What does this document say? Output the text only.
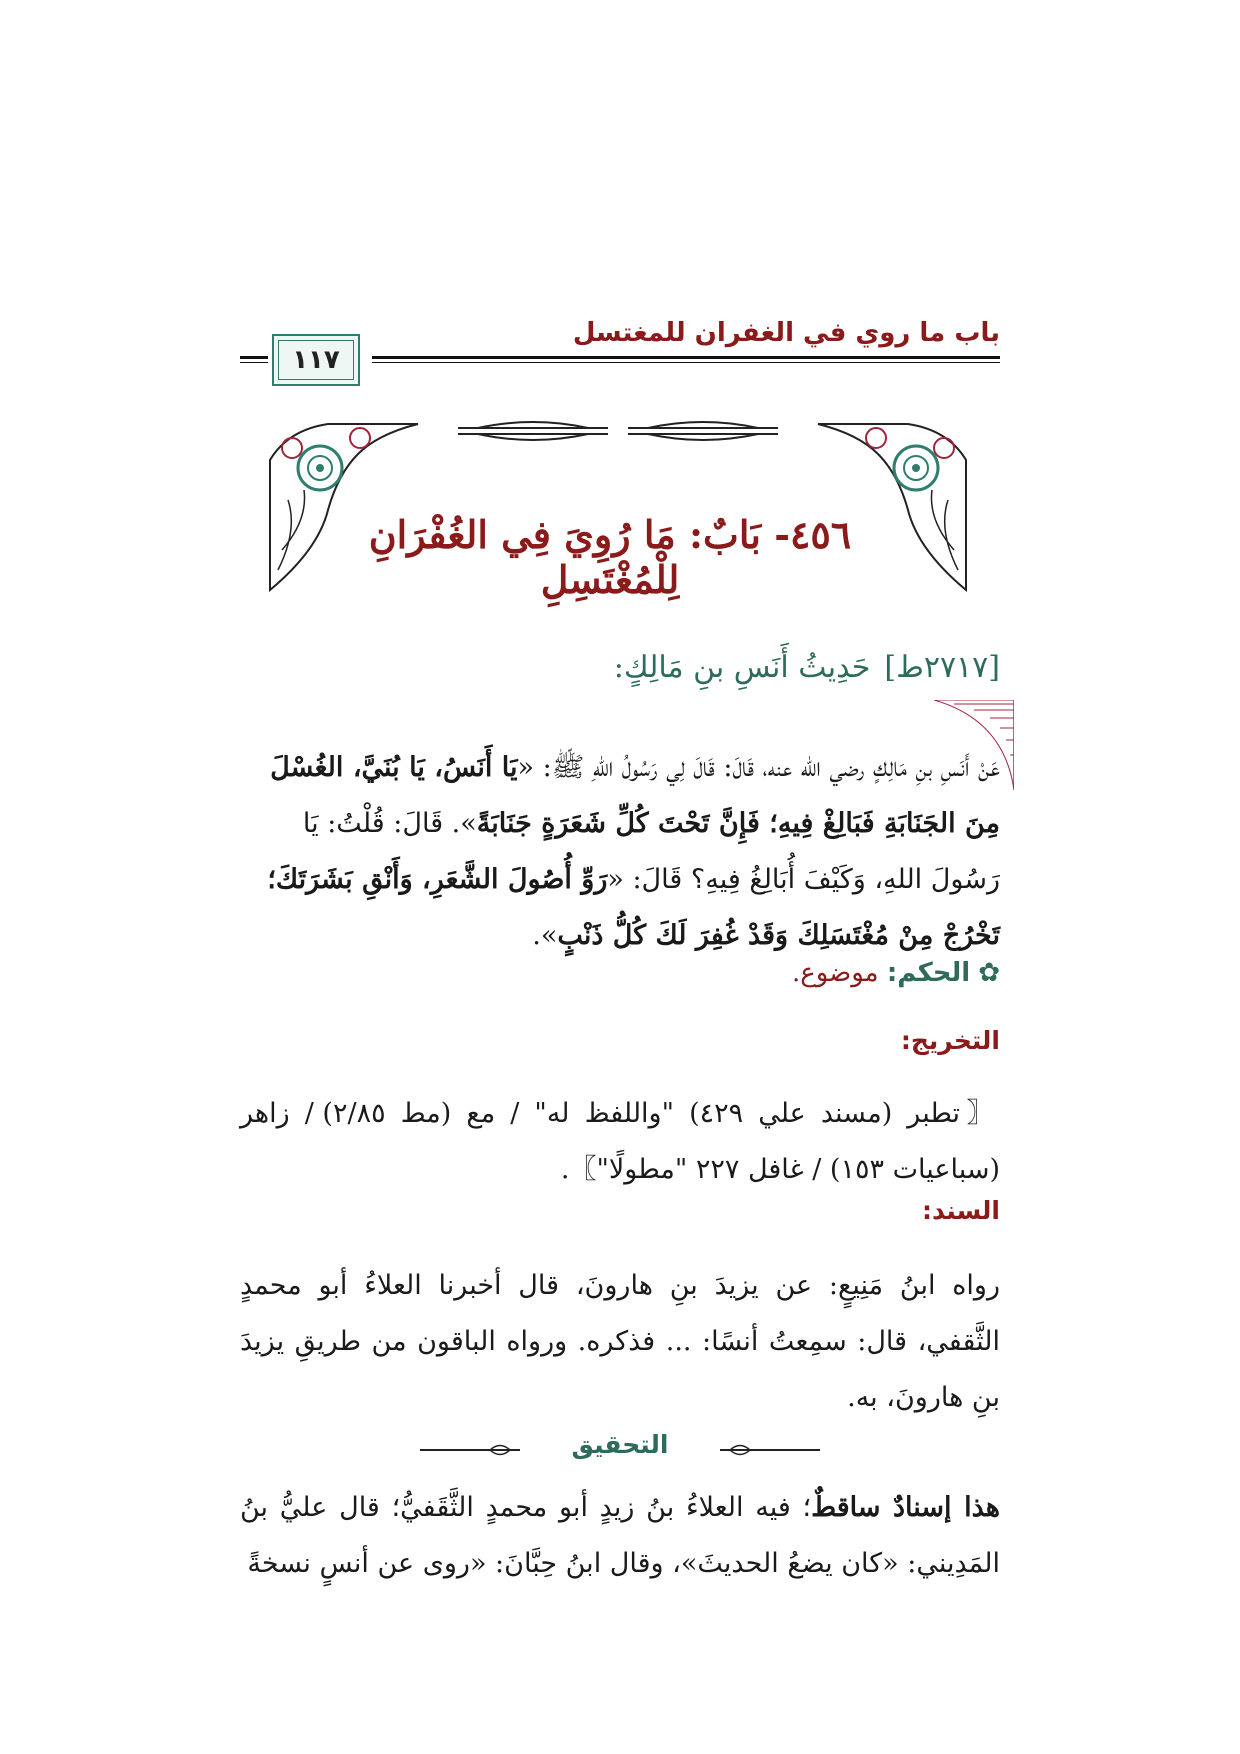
باب ما روي في الغفران للمغتسل
١١٧
٤٥٦- بَابٌ: مَا رُوِيَ فِي الغُفْرَانِ لِلْمُغْتَسِلِ
[٢٧١٧ط]حَدِيثُ أَنَسِ بنِ مَالِكٍ:
عَنْ أَنَسِ بنِ مَالِكٍ رضي الله عنه، قَالَ: قَالَ لِي رَسُولُ اللهِ ﷺ: «يَا أَنَسُ، يَا بُنَيَّ، الغُسْلَ مِنَ الجَنَابَةِ فَبَالِغْ فِيهِ؛ فَإِنَّ تَحْتَ كُلِّ شَعَرَةٍ جَنَابَةً». قَالَ: قُلْتُ: يَا رَسُولَ اللهِ، وَكَيْفَ أُبَالِغُ فِيهِ؟ قَالَ: «رَوِّ أُصُولَ الشَّعَرِ، وَأَنْقِ بَشَرَتَكَ؛ تَخْرُجْ مِنْ مُغْتَسَلِكَ وَقَدْ غُفِرَ لَكَ كُلُّ ذَنْبٍ».
✿الحكم: موضوع.
التخريج:
〖تطبر (مسند علي ٤٢٩) "واللفظ له" / مع (مط ٢/٨٥) / زاهر (سباعيات ١٥٣) / غافل ٢٢٧ "مطولًا"〗.
السند:
رواه ابنُ مَنِيعٍ: عن يزيدَ بنِ هارونَ، قال أخبرنا العلاءُ أبو محمدٍ الثَّقفي، قال: سمِعتُ أنسًا: ... فذكره. ورواه الباقون من طريقِ يزيدَ بنِ هارونَ، به.
التحقيق
هذا إسنادٌ ساقطٌ؛ فيه العلاءُ بنُ زيدٍ أبو محمدٍ الثَّقَفيُّ؛ قال عليُّ بنُ المَدِيني: «كان يضعُ الحديثَ»، وقال ابنُ حِبَّانَ: «روى عن أنسٍ نسخةً
